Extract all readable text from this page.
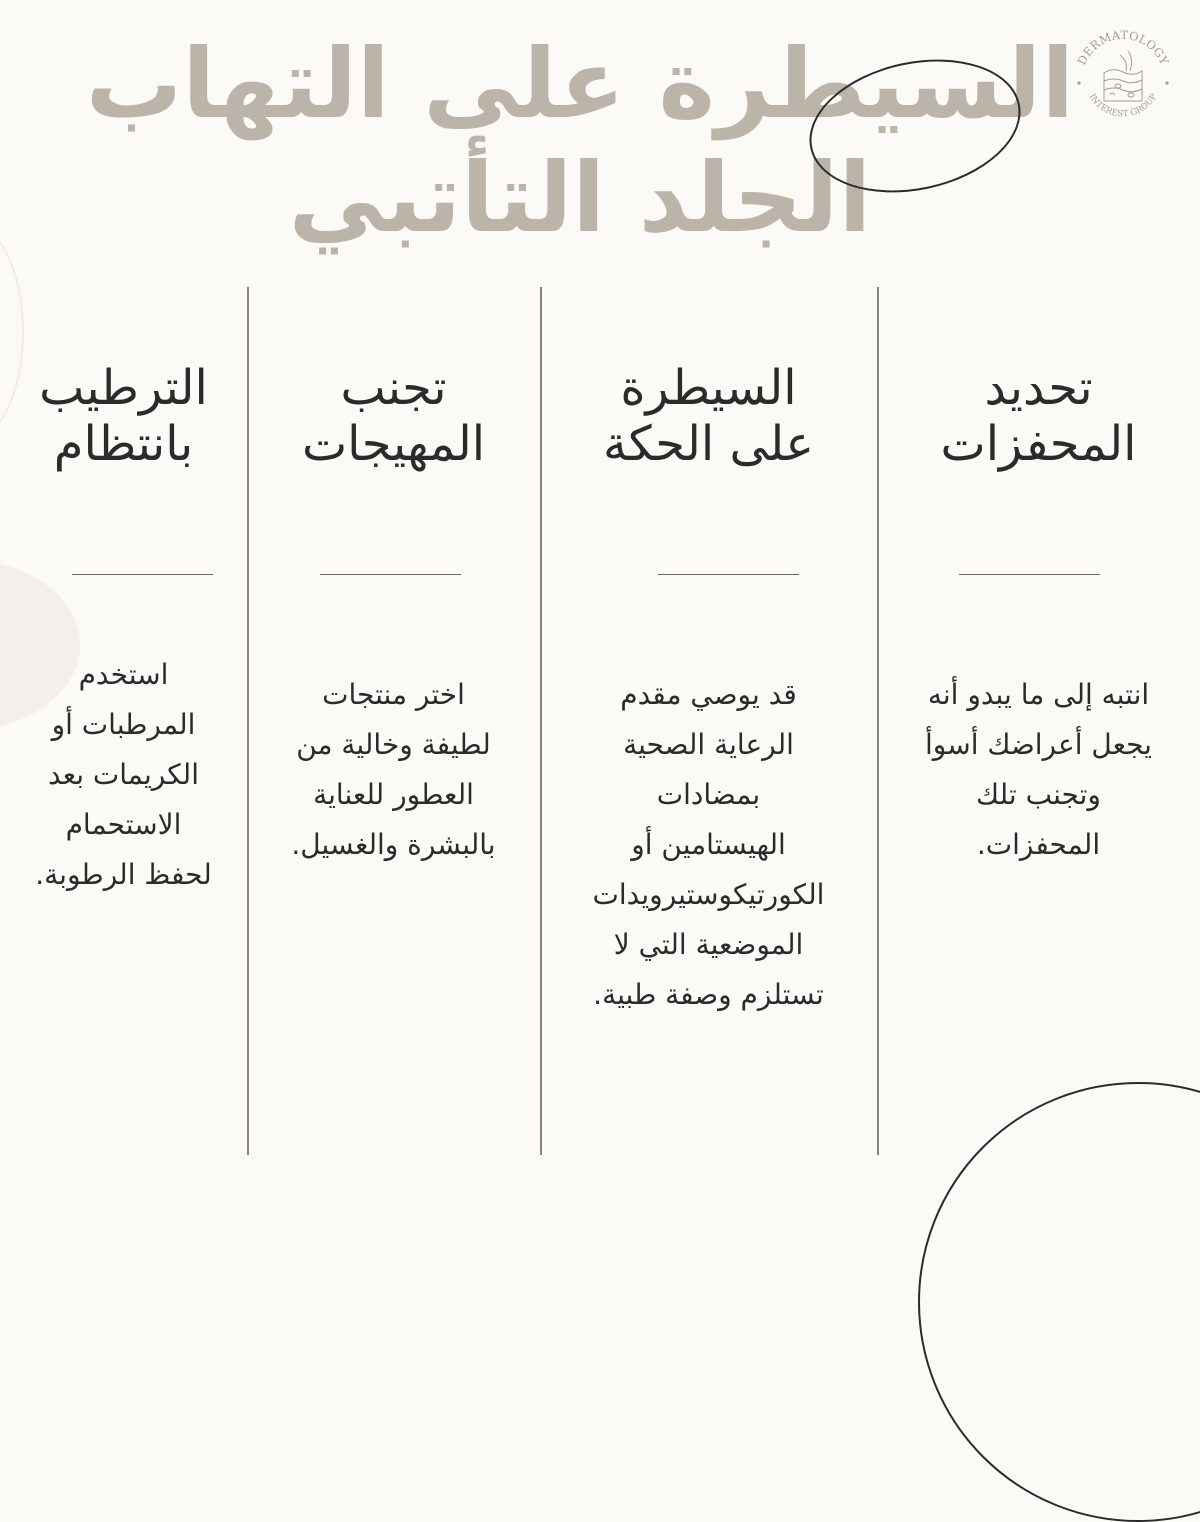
السيطرة على التهاب
الجلد التأتبي
DERMATOLOGY
INTEREST GROUP
تحديد
المحفزات
انتبه إلى ما يبدو أنه
يجعل أعراضك أسوأ
وتجنب تلك
المحفزات.
السيطرة
على الحكة
قد يوصي مقدم
الرعاية الصحية
بمضادات
الهيستامين أو
الكورتيكوستيرويدات
الموضعية التي لا
تستلزم وصفة طبية.
تجنب
المهيجات
اختر منتجات
لطيفة وخالية من
العطور للعناية
بالبشرة والغسيل.
الترطيب
بانتظام
استخدم
المرطبات أو
الكريمات بعد
الاستحمام
لحفظ الرطوبة.
